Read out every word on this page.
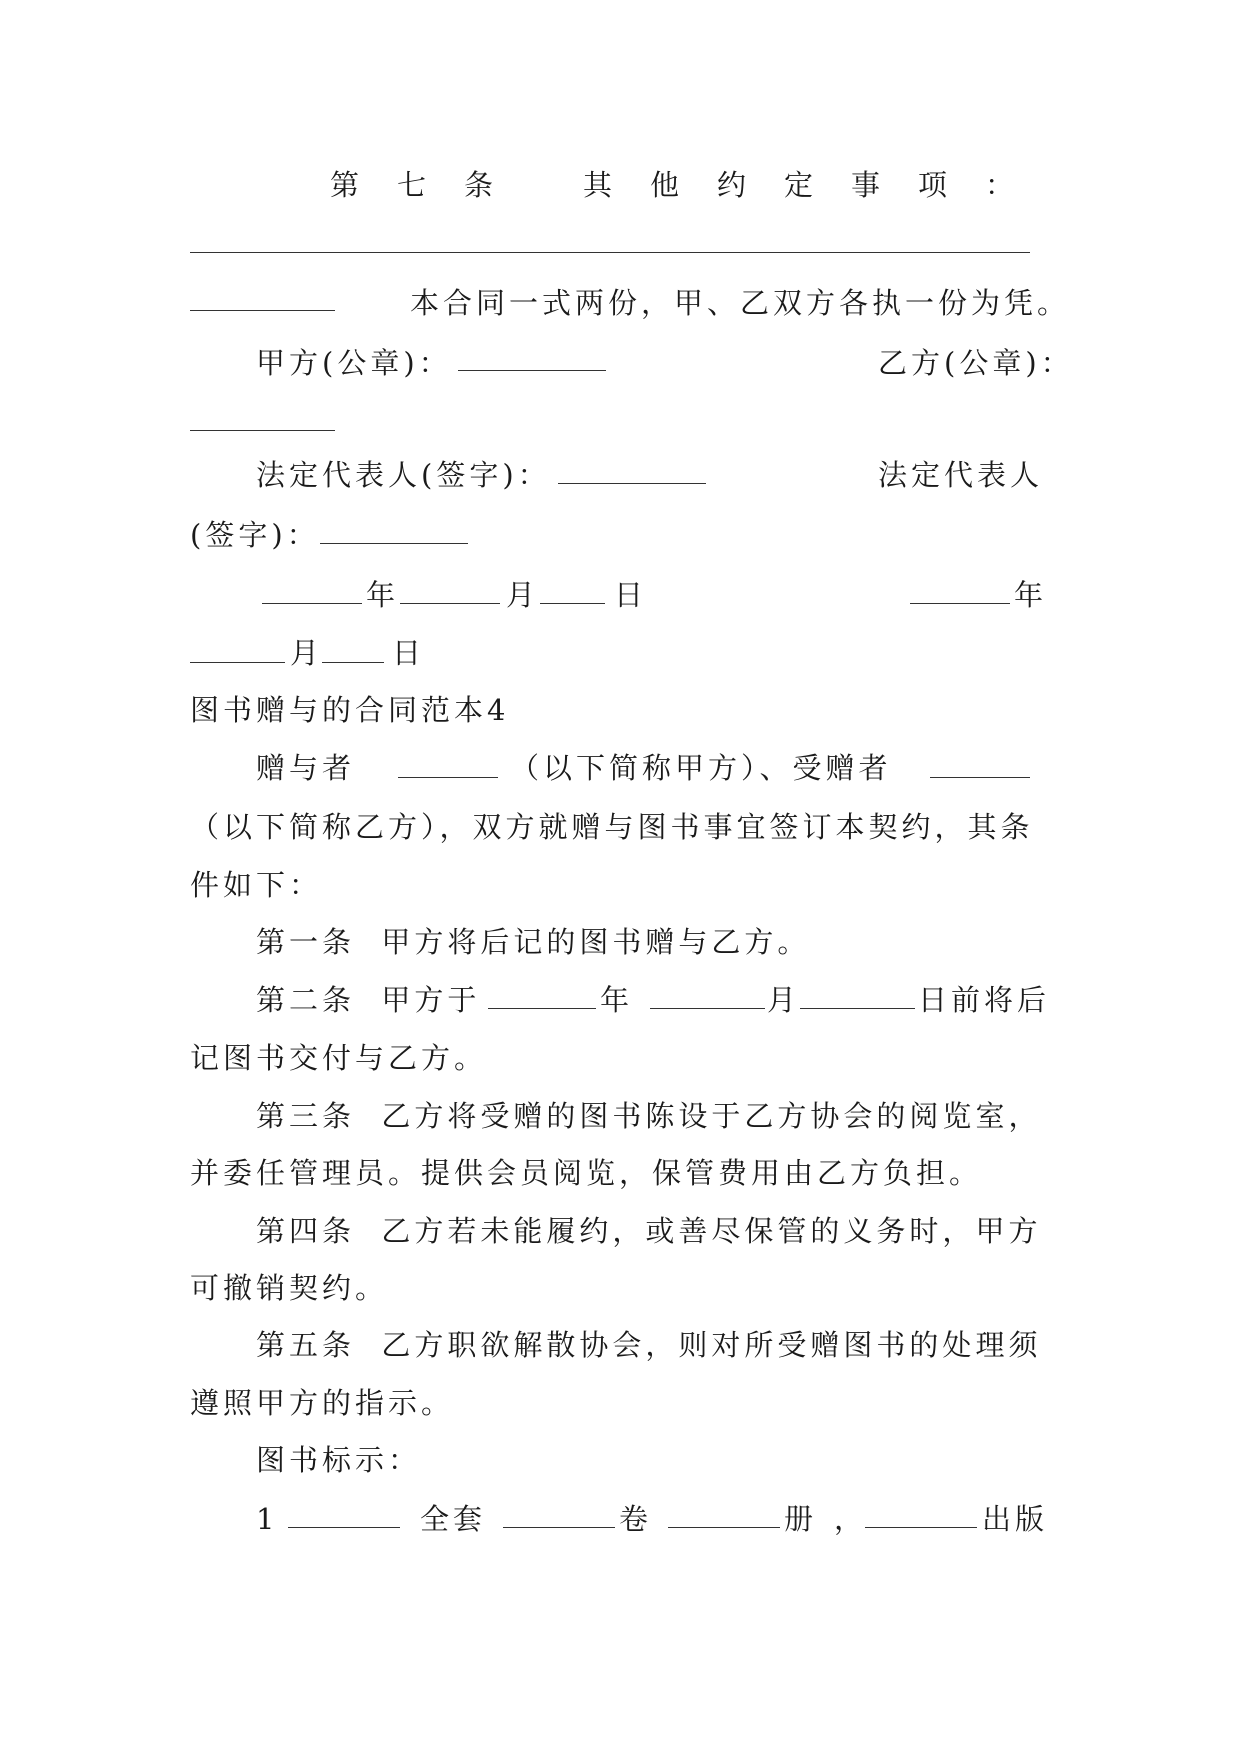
第七条 其他约定事项：
本合同一式两份，甲、乙双方各执一份为凭。
甲方(公章)：	乙方(公章)：
法定代表人(签字)：	法定代表人
(签字)：
年	月	日	年
月 日
图书赠与的合同范本4
赠与者	（以下简称甲方）、受赠者
（以下简称乙方），双方就赠与图书事宜签订本契约，其条
件如下：
第一条  甲方将后记的图书赠与乙方。
第二条  甲方于	年	月	日前将后
记图书交付与乙方。
第三条  乙方将受赠的图书陈设于乙方协会的阅览室，
并委任管理员。提供会员阅览，保管费用由乙方负担。
第四条  乙方若未能履约，或善尽保管的义务时，甲方
可撤销契约。
第五条  乙方职欲解散协会，则对所受赠图书的处理须
遵照甲方的指示。
图书标示：
1	全套	卷	册 ，	出版
